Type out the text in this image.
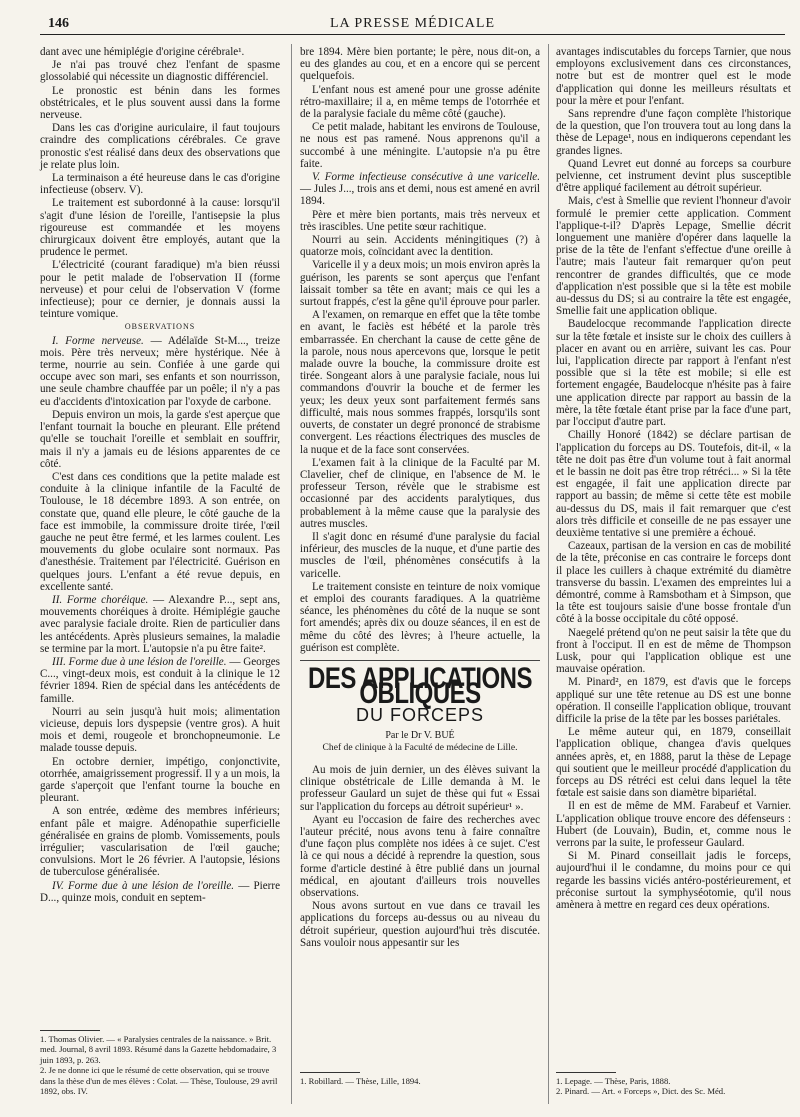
146	LA PRESSE MÉDICALE

dant avec une hémiplégie d'origine cérébrale¹.

Je n'ai pas trouvé chez l'enfant de spasme glossolabié qui nécessite un diagnostic différenciel.

Le pronostic est bénin dans les formes obstétricales, et le plus souvent aussi dans la forme nerveuse.

Dans les cas d'origine auriculaire, il faut toujours craindre des complications cérébrales. Ce grave pronostic s'est réalisé dans deux des observations que je relate plus loin.

La terminaison a été heureuse dans le cas d'origine infectieuse (observ. V).

Le traitement est subordonné à la cause: lorsqu'il s'agit d'une lésion de l'oreille, l'antisepsie la plus rigoureuse est commandée et les moyens chirurgicaux doivent être employés, autant que la prudence le permet.

L'électricité (courant faradique) m'a bien réussi pour le petit malade de l'observation II (forme nerveuse) et pour celui de l'observation V (forme infectieuse); pour ce dernier, je donnais aussi la teinture vomique.

OBSERVATIONS

I. Forme nerveuse. — Adélaïde St-M..., treize mois. Père très nerveux; mère hystérique. Née à terme, nourrie au sein. Confiée à une garde qui occupe avec son mari, ses enfants et son nourrisson, une seule chambre chauffée par un poêle; il n'y a pas eu d'accidents d'intoxication par l'oxyde de carbone.

Depuis environ un mois, la garde s'est aperçue que l'enfant tournait la bouche en pleurant. Elle prétend qu'elle se touchait l'oreille et semblait en souffrir, mais il n'y a jamais eu de lésions apparentes de ce côté.

C'est dans ces conditions que la petite malade est conduite à la clinique infantile de la Faculté de Toulouse, le 18 décembre 1893. A son entrée, on constate que, quand elle pleure, le côté gauche de la face est immobile, la commissure droite tirée, l'œil gauche ne peut être fermé, et les larmes coulent. Les mouvements du globe oculaire sont normaux. Pas d'anesthésie. Traitement par l'électricité. Guérison en quelques jours. L'enfant a été revue depuis, en excellente santé.

II. Forme choréique. — Alexandre P..., sept ans, mouvements choréiques à droite. Hémiplégie gauche avec paralysie faciale droite. Rien de particulier dans les antécédents. Après plusieurs semaines, la maladie se termine par la mort. L'autopsie n'a pu être faite².

III. Forme due à une lésion de l'oreille. — Georges C..., vingt-deux mois, est conduit à la clinique le 12 février 1894. Rien de spécial dans les antécédents de famille.

Nourri au sein jusqu'à huit mois; alimentation vicieuse, depuis lors dyspepsie (ventre gros). A huit mois et demi, rougeole et bronchopneumonie. Le malade tousse depuis.

En octobre dernier, impétigo, conjonctivite, otorrhée, amaigrissement progressif. Il y a un mois, la garde s'aperçoit que l'enfant tourne la bouche en pleurant.

A son entrée, œdème des membres inférieurs; enfant pâle et maigre. Adénopathie superficielle généralisée en grains de plomb. Vomissements, pouls irrégulier; vascularisation de l'œil gauche; convulsions. Mort le 26 février. A l'autopsie, lésions de tuberculose généralisée.

IV. Forme due à une lésion de l'oreille. — Pierre D..., quinze mois, conduit en septem-

1. Thomas Olivier. — « Paralysies centrales de la naissance. » Brit. med. Journal, 8 avril 1893. Résumé dans la Gazette hebdomadaire, 3 juin 1893, p. 263.
2. Je ne donne ici que le résumé de cette observation, qui se trouve dans la thèse d'un de mes élèves : Colat. — Thèse, Toulouse, 29 avril 1892, obs. IV.

bre 1894. Mère bien portante; le père, nous dit-on, a eu des glandes au cou, et en a encore qui se percent quelquefois.

L'enfant nous est amené pour une grosse adénite rétro-maxillaire; il a, en même temps de l'otorrhée et de la paralysie faciale du même côté (gauche).

Ce petit malade, habitant les environs de Toulouse, ne nous est pas ramené. Nous apprenons qu'il a succombé à une méningite. L'autopsie n'a pu être faite.

V. Forme infectieuse consécutive à une varicelle. — Jules J..., trois ans et demi, nous est amené en avril 1894.

Père et mère bien portants, mais très nerveux et très irascibles. Une petite sœur rachitique.

Nourri au sein. Accidents méningitiques (?) à quatorze mois, coïncidant avec la dentition.

Varicelle il y a deux mois; un mois environ après la guérison, les parents se sont aperçus que l'enfant laissait tomber sa tête en avant; mais ce qui les a surtout frappés, c'est la gêne qu'il éprouve pour parler.

A l'examen, on remarque en effet que la tête tombe en avant, le faciès est hébété et la parole très embarrassée. En cherchant la cause de cette gêne de la parole, nous nous apercevons que, lorsque le petit malade ouvre la bouche, la commissure droite est tirée. Songeant alors à une paralysie faciale, nous lui commandons d'ouvrir la bouche et de fermer les yeux; les deux yeux sont parfaitement fermés sans difficulté, mais nous sommes frappés, lorsqu'ils sont ouverts, de constater un degré prononcé de strabisme convergent. Les réactions électriques des muscles de la nuque et de la face sont conservées.

L'examen fait à la clinique de la Faculté par M. Clavelier, chef de clinique, en l'absence de M. le professeur Terson, révèle que le strabisme est occasionné par des accidents paralytiques, dus probablement à la même cause que la paralysie des autres muscles.

Il s'agit donc en résumé d'une paralysie du facial inférieur, des muscles de la nuque, et d'une partie des muscles de l'œil, phénomènes consécutifs à la varicelle.

Le traitement consiste en teinture de noix vomique et emploi des courants faradiques. A la quatrième séance, les phénomènes du côté de la nuque se sont fort amendés; après dix ou douze séances, il en est de même du côté des lèvres; à l'heure actuelle, la guérison est complète.

DES APPLICATIONS OBLIQUES
DU FORCEPS
Par le Dr V. BUÉ
Chef de clinique à la Faculté de médecine de Lille.

Au mois de juin dernier, un des élèves suivant la clinique obstétricale de Lille demanda à M. le professeur Gaulard un sujet de thèse qui fut « Essai sur l'application du forceps au détroit supérieur¹ ».

Ayant eu l'occasion de faire des recherches avec l'auteur précité, nous avons tenu à faire connaître d'une façon plus complète nos idées à ce sujet. C'est là ce qui nous a décidé à reprendre la question, sous forme d'article destiné à être publié dans un journal médical, en ajoutant d'ailleurs trois nouvelles observations.

Nous avons surtout en vue dans ce travail les applications du forceps au-dessus ou au niveau du détroit supérieur, question aujourd'hui très discutée. Sans vouloir nous appesantir sur les

1. Robillard. — Thèse, Lille, 1894.

avantages indiscutables du forceps Tarnier, que nous employons exclusivement dans ces circonstances, notre but est de montrer quel est le mode d'application qui donne les meilleurs résultats et pour la mère et pour l'enfant.

Sans reprendre d'une façon complète l'historique de la question, que l'on trouvera tout au long dans la thèse de Lepage¹, nous en indiquerons cependant les grandes lignes.

Quand Levret eut donné au forceps sa courbure pelvienne, cet instrument devint plus susceptible d'être appliqué facilement au détroit supérieur.

Mais, c'est à Smellie que revient l'honneur d'avoir formulé le premier cette application. Comment l'applique-t-il? D'après Lepage, Smellie décrit longuement une manière d'opérer dans laquelle la prise de la tête de l'enfant s'effectue d'une oreille à l'autre; mais l'auteur fait remarquer qu'on peut rencontrer de grandes difficultés, que ce mode d'application n'est possible que si la tête est mobile au-dessus du DS; si au contraire la tête est engagée, Smellie fait une application oblique.

Baudelocque recommande l'application directe sur la tête fœtale et insiste sur le choix des cuillers à placer en avant ou en arrière, suivant les cas. Pour lui, l'application directe par rapport à l'enfant n'est possible que si la tête est mobile; si elle est fortement engagée, Baudelocque n'hésite pas à faire une application directe par rapport au bassin de la mère, la tête fœtale étant prise par la face d'une part, par l'occiput d'autre part.

Chailly Honoré (1842) se déclare partisan de l'application du forceps au DS. Toutefois, dit-il, « la tête ne doit pas être d'un volume tout à fait anormal et le bassin ne doit pas être trop rétréci... » Si la tête est engagée, il fait une application directe par rapport au bassin; de même si cette tête est mobile au-dessus du DS, mais il fait remarquer que c'est alors très difficile et conseille de ne pas essayer une deuxième tentative si une première a échoué.

Cazeaux, partisan de la version en cas de mobilité de la tête, préconise en cas contraire le forceps dont il place les cuillers à chaque extrémité du diamètre transverse du bassin. L'examen des empreintes lui a démontré, comme à Ramsbotham et à Simpson, que la tête est toujours saisie d'une bosse frontale d'un côté à la bosse occipitale du côté opposé.

Naegelé prétend qu'on ne peut saisir la tête que du front à l'occiput. Il en est de même de Thompson Lusk, pour qui l'application oblique est une mauvaise opération.

M. Pinard², en 1879, est d'avis que le forceps appliqué sur une tête retenue au DS est une bonne opération. Il conseille l'application oblique, trouvant difficile la prise de la tête par les bosses pariétales.

Le même auteur qui, en 1879, conseillait l'application oblique, changea d'avis quelques années après, et, en 1888, parut la thèse de Lepage qui soutient que le meilleur procédé d'application du forceps au DS rétréci est celui dans lequel la tête fœtale est saisie dans son diamètre bipariétal.

Il en est de même de MM. Farabeuf et Varnier. L'application oblique trouve encore des défenseurs : Hubert (de Louvain), Budin, et, comme nous le verrons par la suite, le professeur Gaulard.

Si M. Pinard conseillait jadis le forceps, aujourd'hui il le condamne, du moins pour ce qui regarde les bassins viciés antéro-postérieurement, et préconise surtout la symphyséotomie, qu'il nous amènera à mettre en regard ces deux opérations.

1. Lepage. — Thèse, Paris, 1888.
2. Pinard. — Art. « Forceps », Dict. des Sc. Méd.
